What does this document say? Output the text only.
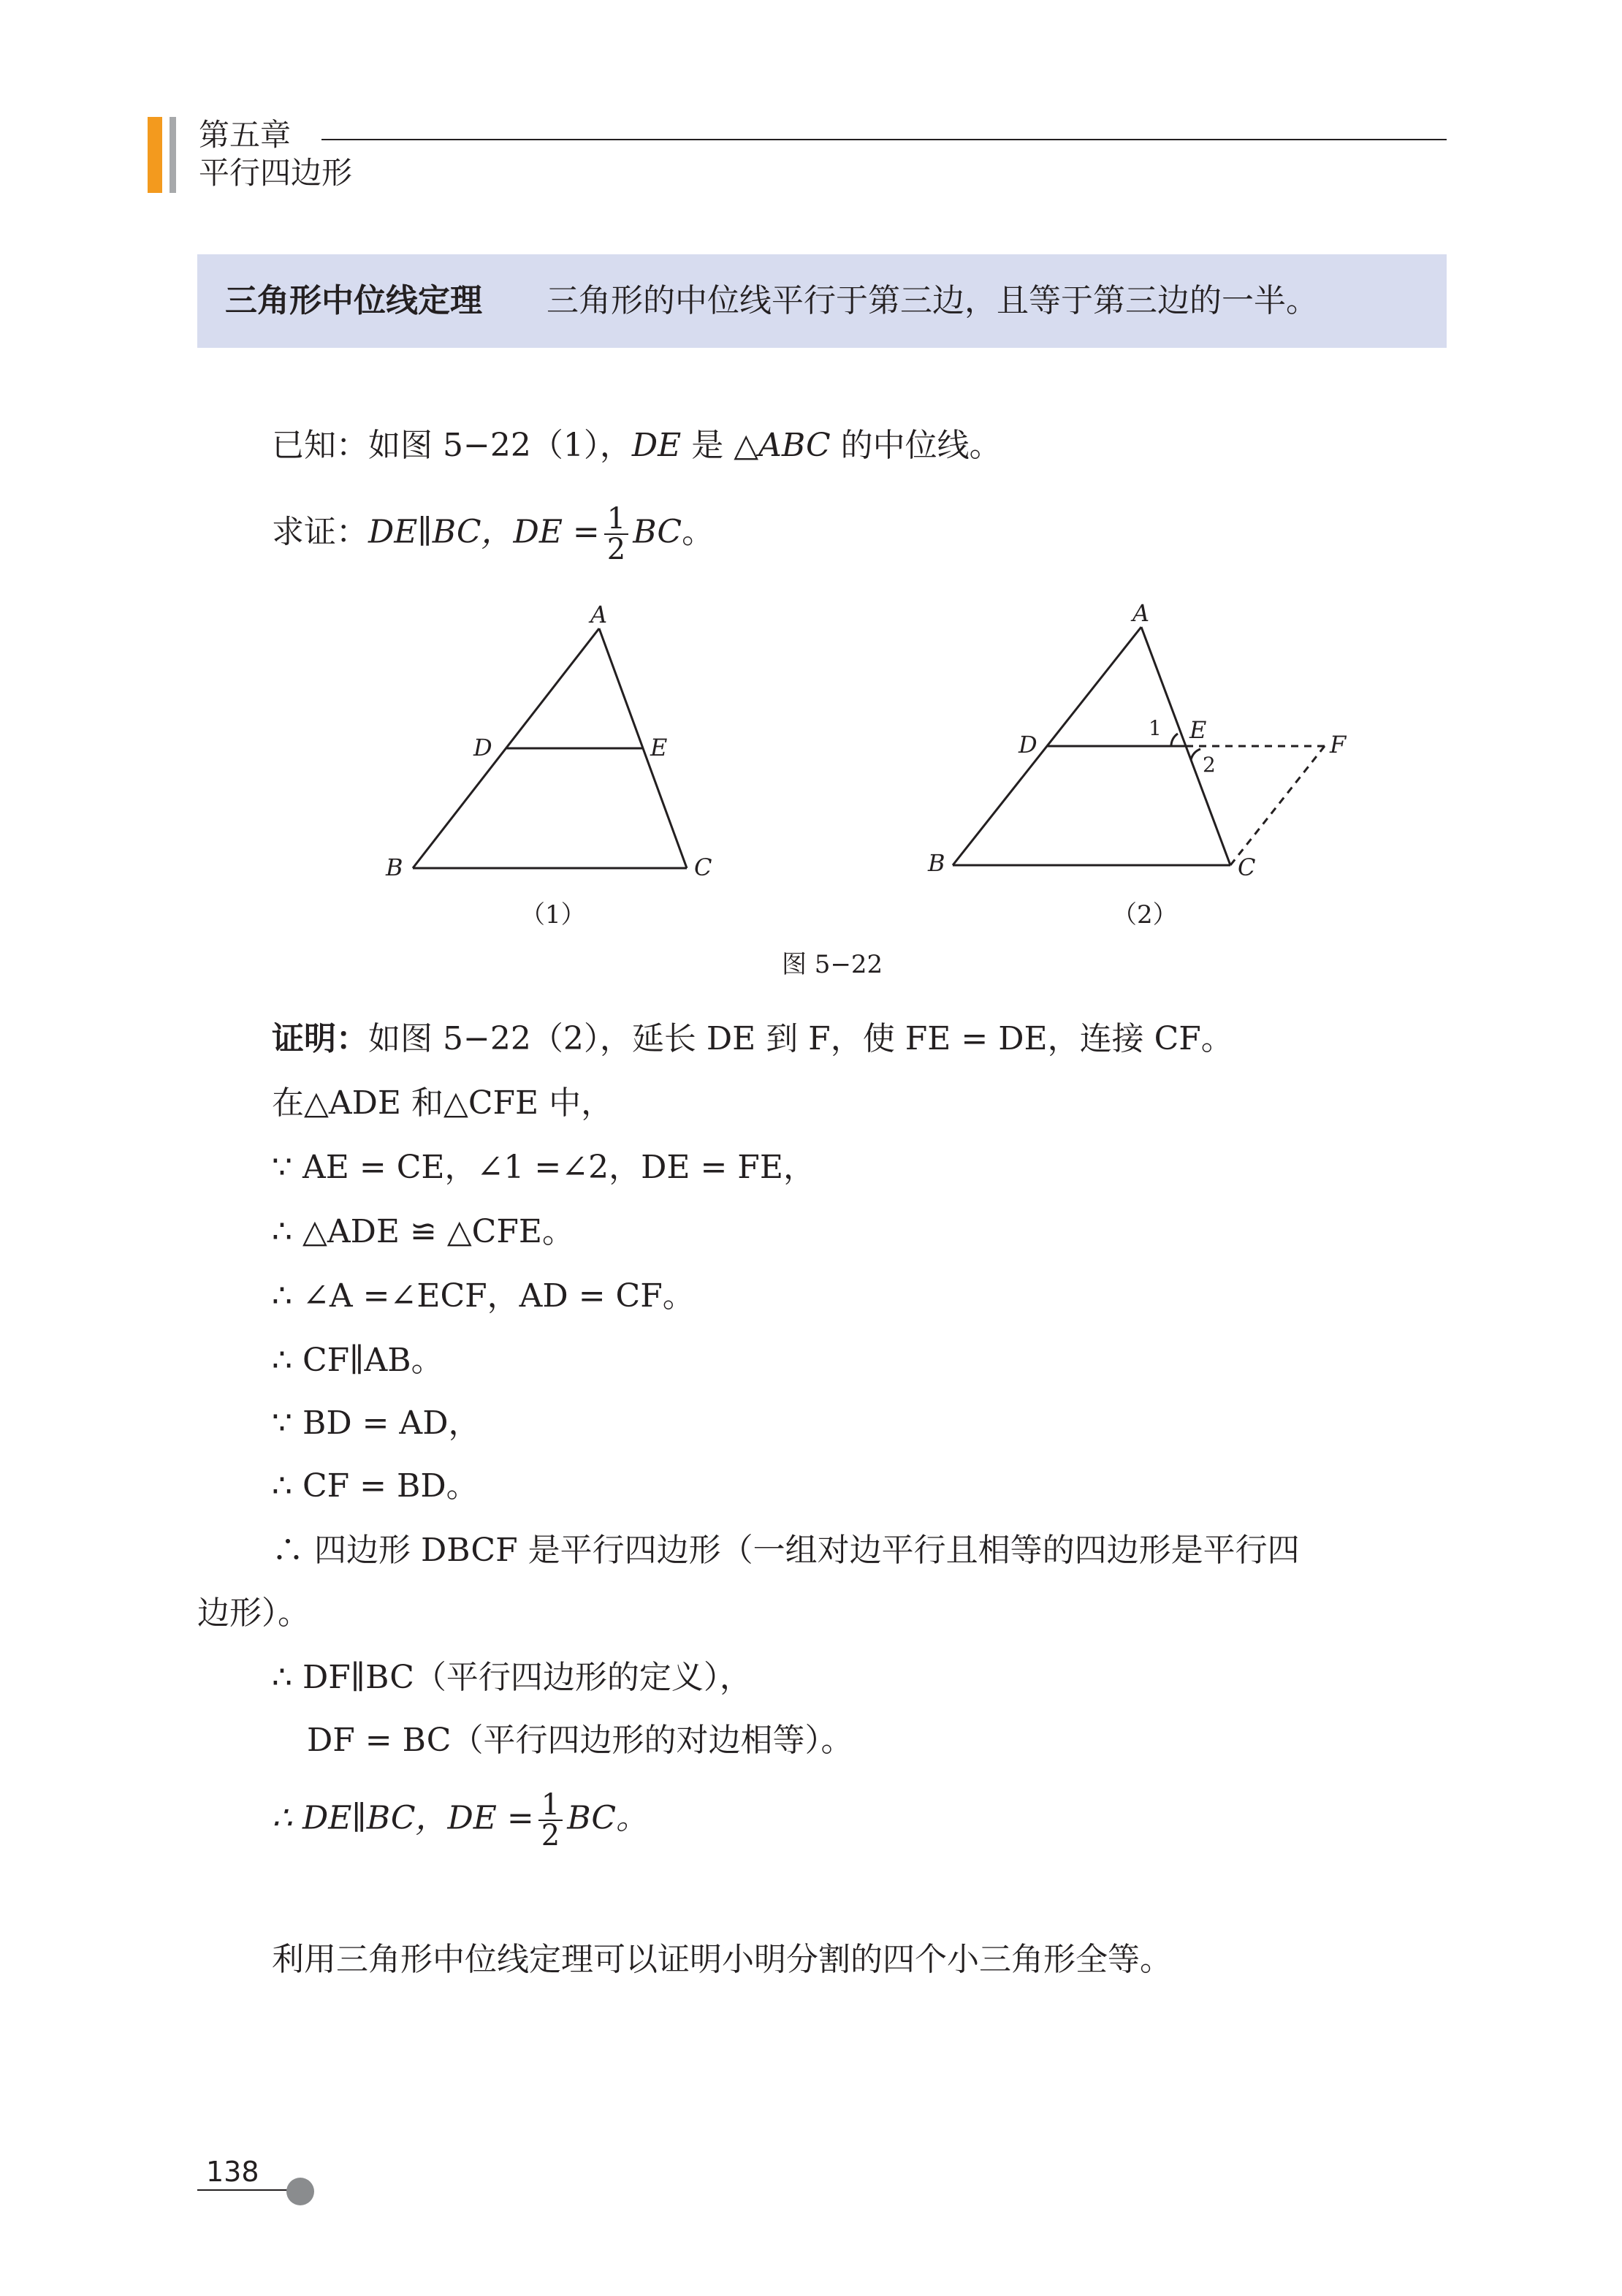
第五章
平行四边形
三角形中位线定理 三角形的中位线平行于第三边，且等于第三边的一半。
已知：如图 5−22（1），DE 是 △ABC 的中位线。
求证：DE∥BC，DE = $\frac{1}{2}$ BC。
A
D	E
B	C
A
D
E
F
B	C
1
2
（1）	（2）
图 5−22
证明：如图 5−22（2），延长 DE 到 F，使 FE = DE，连接 CF。
在△ADE 和△CFE 中，
∵ AE = CE，∠1 =∠2，DE = FE，
∴ △ADE ≌ △CFE。
∴ ∠A =∠ECF，AD = CF。
∴ CF∥AB。
∵ BD = AD，
∴ CF = BD。
∴ 四边形 DBCF 是平行四边形（一组对边平行且相等的四边形是平行四
边形）。
∴ DF∥BC（平行四边形的定义），
DF = BC（平行四边形的对边相等）。
∴ DE∥BC，DE = $\frac{1}{2}$ BC。
利用三角形中位线定理可以证明小明分割的四个小三角形全等。
138
